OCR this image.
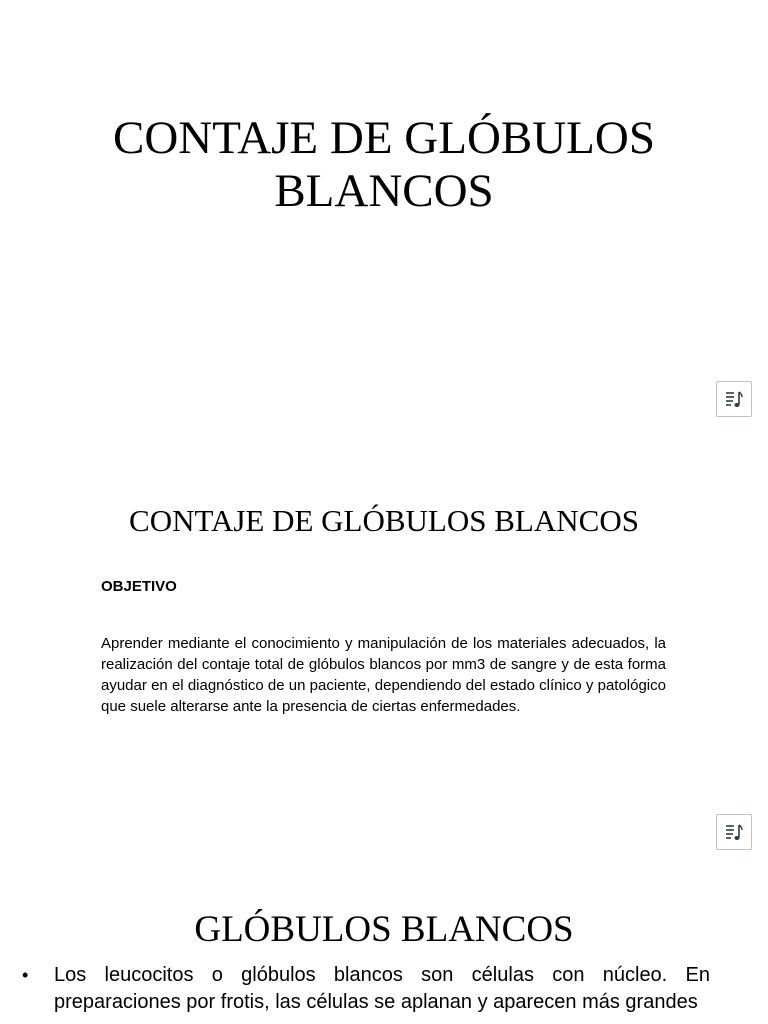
CONTAJE DE GLÓBULOS BLANCOS
CONTAJE DE GLÓBULOS BLANCOS

OBJETIVO

Aprender mediante el conocimiento y manipulación de los materiales adecuados, la realización del contaje total de glóbulos blancos por mm3 de sangre y de esta forma ayudar en el diagnóstico de un paciente, dependiendo del estado clínico y patológico que suele alterarse ante la presencia de ciertas enfermedades.

GLÓBULOS BLANCOS
• Los leucocitos o glóbulos blancos son células con núcleo. En preparaciones por frotis, las células se aplanan y aparecen más grandes
